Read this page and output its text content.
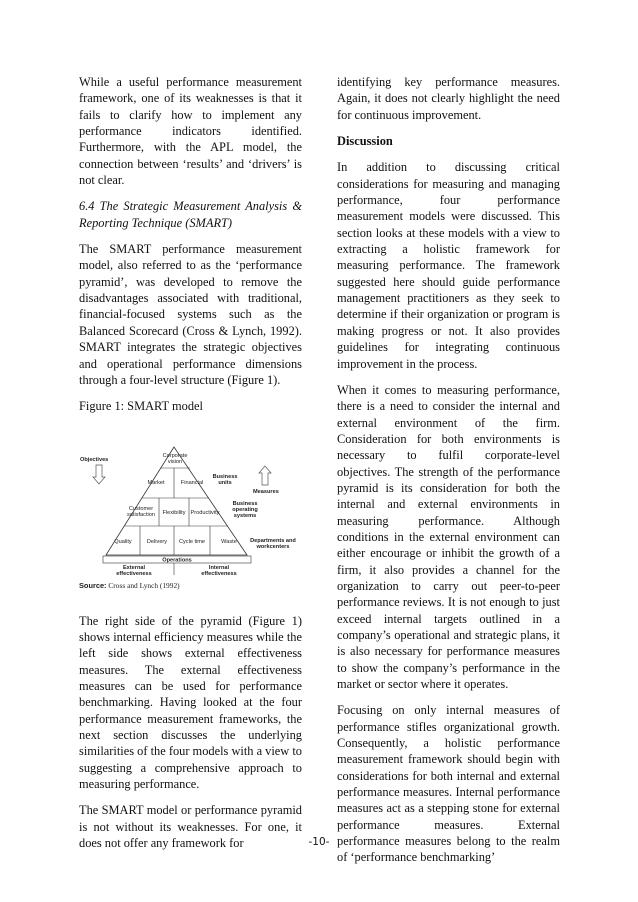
While a useful performance measurement framework, one of its weaknesses is that it fails to clarify how to implement any performance indicators identified. Furthermore, with the APL model, the connection between ‘results’ and ‘drivers’ is not clear.

6.4 The Strategic Measurement Analysis & Reporting Technique (SMART)

The SMART performance measurement model, also referred to as the ‘performance pyramid’, was developed to remove the disadvantages associated with traditional, financial-focused systems such as the Balanced Scorecard (Cross & Lynch, 1992). SMART integrates the strategic objectives and operational performance dimensions through a four-level structure (Figure 1).

Figure 1: SMART model

Operations
Objectives
Measures
Corporate
vision
Market	Financial
Business
units
Customer
satisfaction Flexibility Productivity
Business
operating
systems
Quality	Delivery Cycle time	Waste Departments and
workcenters
External
effectiveness
Internal
effectiveness
Source: Cross and Lynch (1992)

The right side of the pyramid (Figure 1) shows internal efficiency measures while the left side shows external effectiveness measures. The external effectiveness measures can be used for performance benchmarking. Having looked at the four performance measurement frameworks, the next section discusses the underlying similarities of the four models with a view to suggesting a comprehensive approach to measuring performance.

The SMART model or performance pyramid is not without its weaknesses. For one, it does not offer any framework for

identifying key performance measures. Again, it does not clearly highlight the need for continuous improvement.

Discussion

In addition to discussing critical considerations for measuring and managing performance, four performance measurement models were discussed. This section looks at these models with a view to extracting a holistic framework for measuring performance. The framework suggested here should guide performance management practitioners as they seek to determine if their organization or program is making progress or not. It also provides guidelines for integrating continuous improvement in the process.

When it comes to measuring performance, there is a need to consider the internal and external environment of the firm. Consideration for both environments is necessary to fulfil corporate-level objectives. The strength of the performance pyramid is its consideration for both the internal and external environments in measuring performance. Although conditions in the external environment can either encourage or inhibit the growth of a firm, it also provides a channel for the organization to carry out peer-to-peer performance reviews. It is not enough to just exceed internal targets outlined in a company’s operational and strategic plans, it is also necessary for performance measures to show the company’s performance in the market or sector where it operates.

Focusing on only internal measures of performance stifles organizational growth. Consequently, a holistic performance measurement framework should begin with considerations for both internal and external performance measures. Internal performance measures act as a stepping stone for external performance measures. External performance measures belong to the realm of ‘performance benchmarking’

-10-
